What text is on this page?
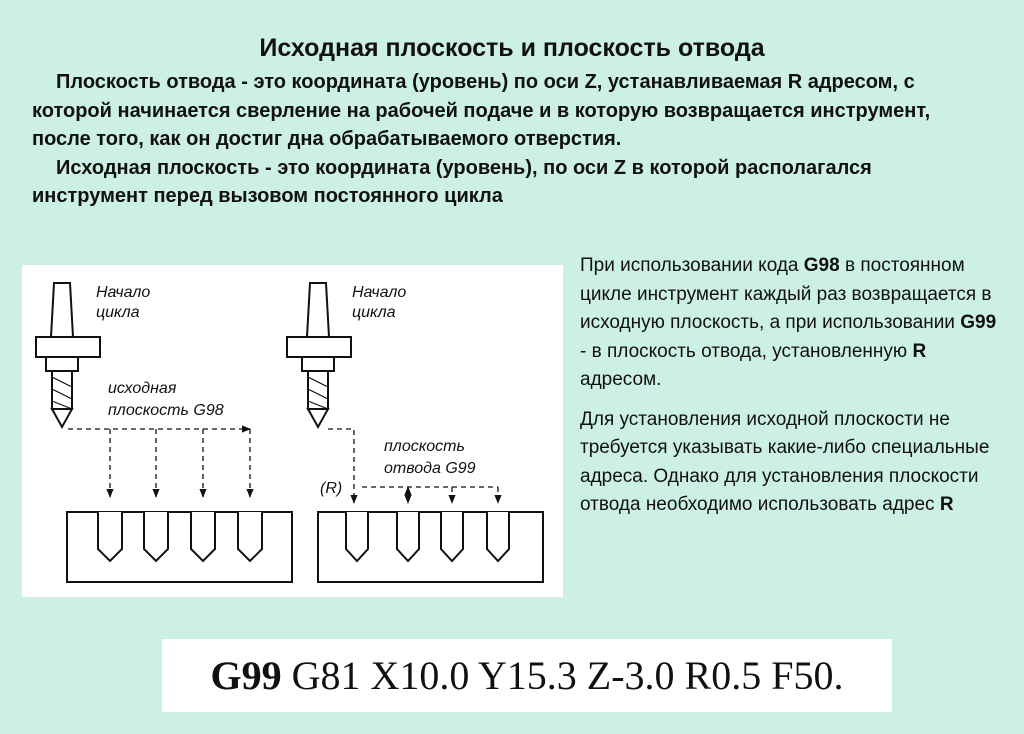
Исходная плоскость и плоскость отвода

Плоскость отвода - это координата (уровень) по оси Z, устанавливаемая R адресом, с которой начинается сверление на рабочей подаче и в которую возвращается инструмент, после того, как он достиг дна обрабатываемого отверстия.

Исходная плоскость - это координата (уровень), по оси Z в которой располагался инструмент перед вызовом постоянного цикла

Начало
цикла
исходная
плоскость G98
Начало
цикла
плоскость
отвода G99
(R)

При использовании кода G98 в постоянном цикле инструмент каждый раз возвращается в исходную плоскость, а при использовании G99 - в плоскость отвода, установленную R адресом.

Для установления исходной плоскости не требуется указывать какие-либо специальные адреса. Однако для установления плоскости отвода необходимо использовать адрес R

G99 G81 X10.0 Y15.3 Z-3.0 R0.5 F50.
